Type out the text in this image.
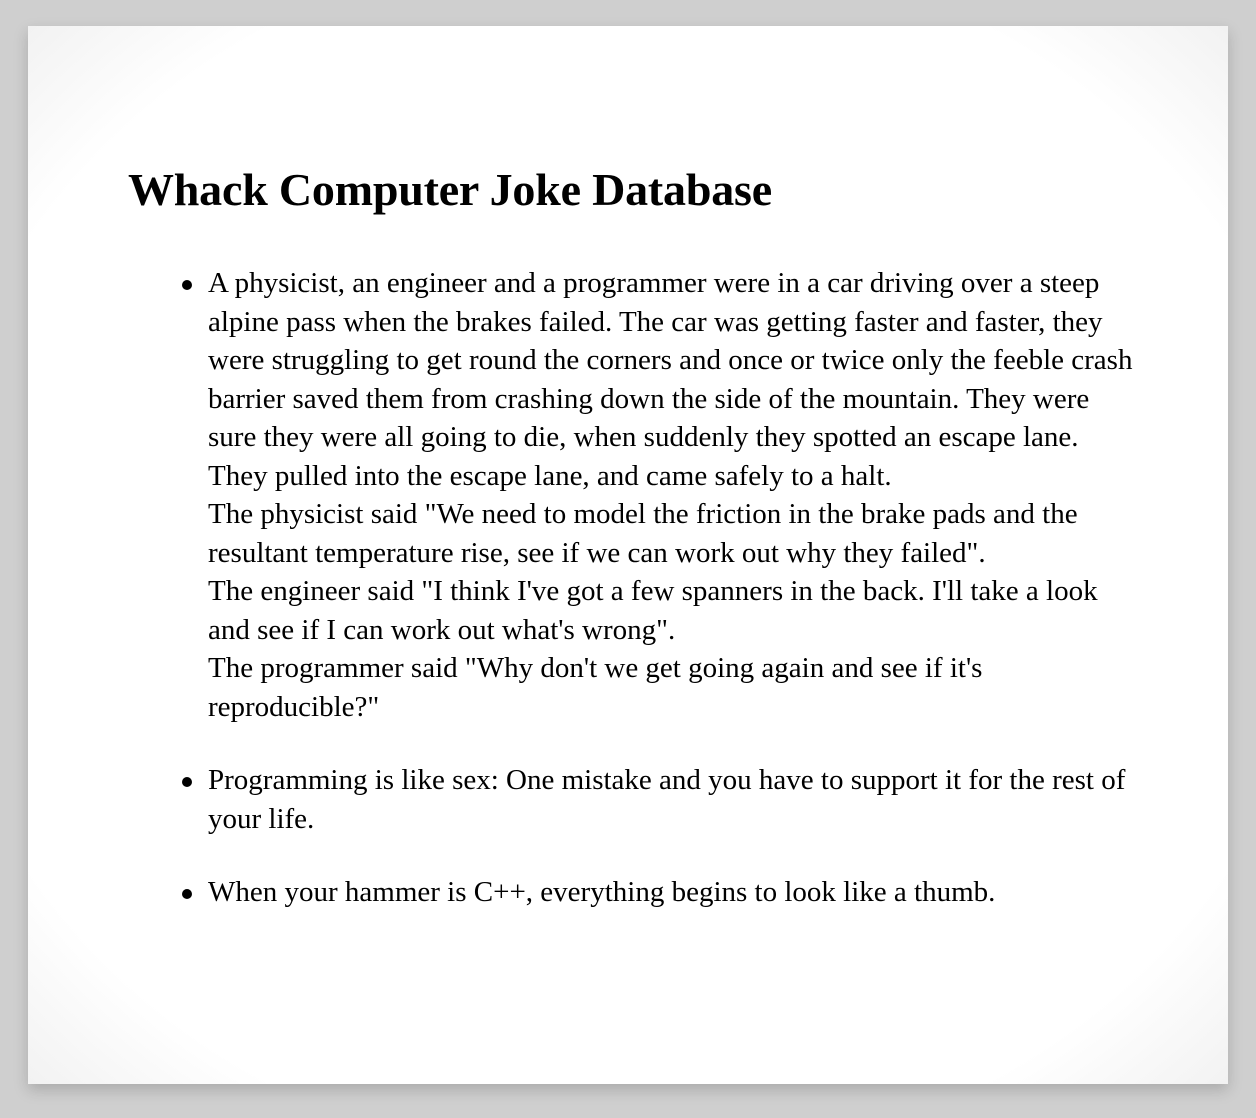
Whack Computer Joke Database
A physicist, an engineer and a programmer were in a car driving over a steep alpine pass when the brakes failed. The car was getting faster and faster, they were struggling to get round the corners and once or twice only the feeble crash barrier saved them from crashing down the side of the mountain. They were sure they were all going to die, when suddenly they spotted an escape lane. They pulled into the escape lane, and came safely to a halt.
The physicist said "We need to model the friction in the brake pads and the resultant temperature rise, see if we can work out why they failed".
The engineer said "I think I've got a few spanners in the back. I'll take a look and see if I can work out what's wrong".
The programmer said "Why don't we get going again and see if it's reproducible?"
Programming is like sex: One mistake and you have to support it for the rest of your life.
When your hammer is C++, everything begins to look like a thumb.
